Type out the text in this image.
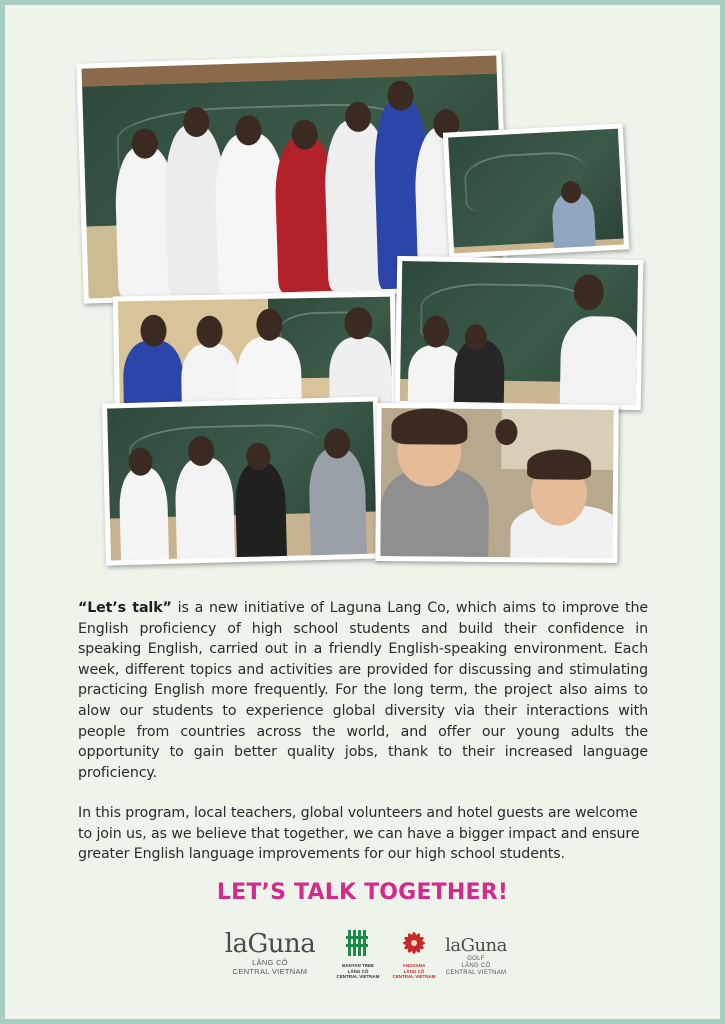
“Let’s talk” is a new initiative of Laguna Lang Co, which aims to improve the English proficiency of high school students and build their confidence in speaking English, carried out in a friendly English-speaking environment. Each week, different topics and activities are provided for discussing and stimulating practicing English more frequently. For the long term, the project also aims to alow our students to experience global diversity via their interactions with people from countries across the world, and offer our young adults the opportunity to gain better quality jobs, thank to their increased language proficiency.

In this program, local teachers, global volunteers and hotel guests are welcome to join us, as we believe that together, we can have a bigger impact and ensure greater English language improvements for our high school students.

LET’S TALK TOGETHER!
laGuna
LĂNG CÔ
CENTRAL VIETNAM
BANYAN TREE
LĂNG CÔ
CENTRAL VIETNAM
ANGSANA
LĂNG CÔ
CENTRAL VIETNAM
laGuna
GOLF
LĂNG CÔ
CENTRAL VIETNAM
